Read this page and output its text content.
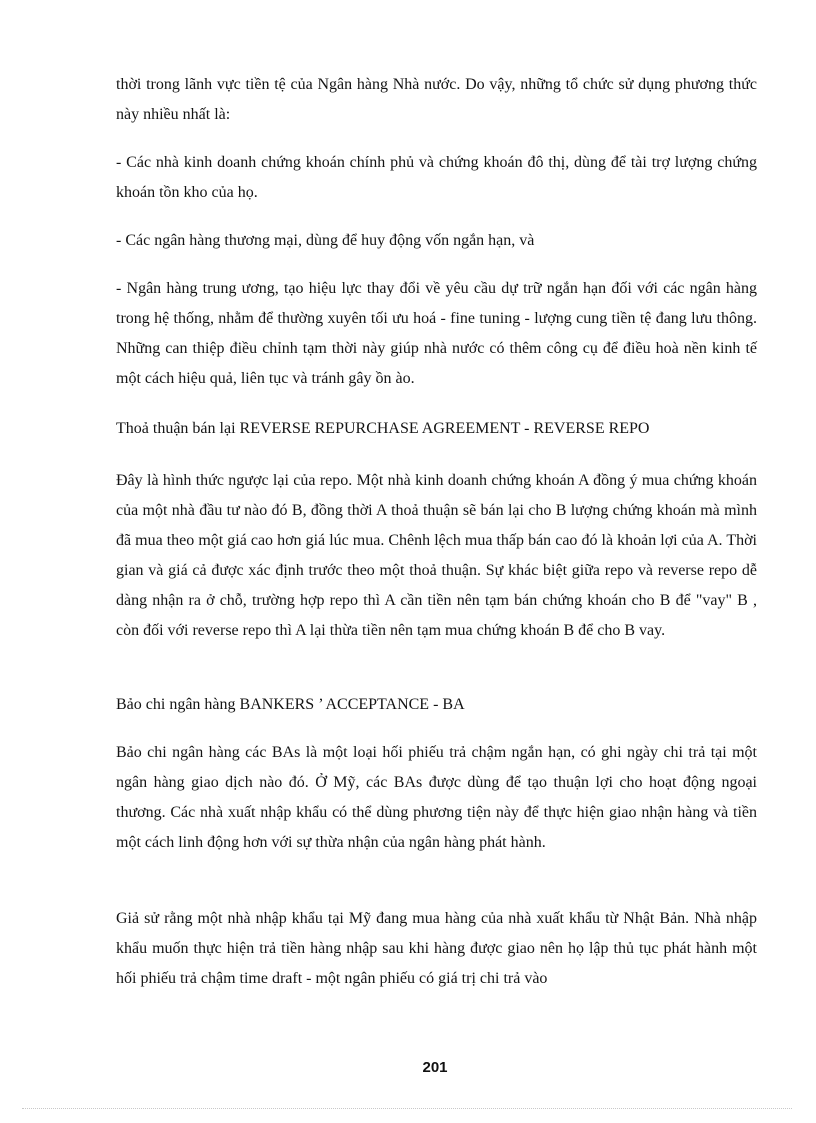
thời trong lãnh vực tiền tệ của Ngân hàng Nhà nước. Do vậy, những tổ chức sử dụng phương thức này nhiều nhất là:

- Các nhà kinh doanh chứng khoán chính phủ và chứng khoán đô thị, dùng để tài trợ lượng chứng khoán tồn kho của họ.

- Các ngân hàng thương mại, dùng để huy động vốn ngắn hạn, và

- Ngân hàng trung ương, tạo hiệu lực thay đổi về yêu cầu dự trữ ngắn hạn đối với các ngân hàng trong hệ thống, nhằm để thường xuyên tối ưu hoá - fine tuning - lượng cung tiền tệ đang lưu thông. Những can thiệp điều chỉnh tạm thời này giúp nhà nước có thêm công cụ để điều hoà nền kinh tế một cách hiệu quả, liên tục và tránh gây ồn ào.

Thoả thuận bán lại REVERSE REPURCHASE AGREEMENT - REVERSE REPO

Đây là hình thức ngược lại của repo. Một nhà kinh doanh chứng khoán A đồng ý mua chứng khoán của một nhà đầu tư nào đó B, đồng thời A thoả thuận sẽ bán lại cho B lượng chứng khoán mà mình đã mua theo một giá cao hơn giá lúc mua. Chênh lệch mua thấp bán cao đó là khoản lợi của A. Thời gian và giá cả được xác định trước theo một thoả thuận. Sự khác biệt giữa repo và reverse repo dễ dàng nhận ra ở chỗ, trường hợp repo thì A cần tiền nên tạm bán chứng khoán cho B để "vay" B , còn đối với reverse repo thì A lại thừa tiền nên tạm mua chứng khoán B để cho B vay.

Bảo chi ngân hàng BANKERS ’ ACCEPTANCE - BA

Bảo chi ngân hàng các BAs là một loại hối phiếu trả chậm ngắn hạn, có ghi ngày chi trả tại một ngân hàng giao dịch nào đó. Ở Mỹ, các BAs được dùng để tạo thuận lợi cho hoạt động ngoại thương. Các nhà xuất nhập khẩu có thể dùng phương tiện này để thực hiện giao nhận hàng và tiền một cách linh động hơn với sự thừa nhận của ngân hàng phát hành.

Giả sử rằng một nhà nhập khẩu tại Mỹ đang mua hàng của nhà xuất khẩu từ Nhật Bản. Nhà nhập khẩu muốn thực hiện trả tiền hàng nhập sau khi hàng được giao nên họ lập thủ tục phát hành một hối phiếu trả chậm time draft - một ngân phiếu có giá trị chi trả vào

201
